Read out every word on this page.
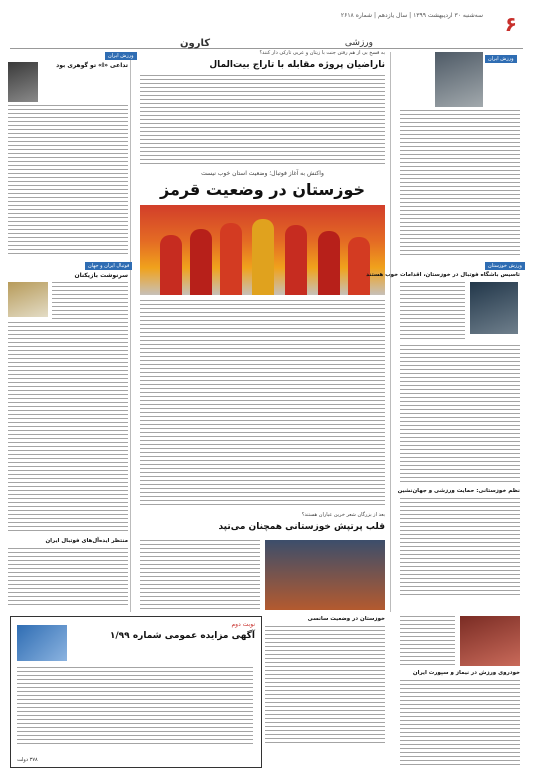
۶
سه‌شنبه ۳۰ اردیبهشت ۱۳۹۹ | سال یازدهم | شماره ۲۶۱۸
ورزشی
کارون
ورزش ایران
به فسخ بی از هم رفتن جنت با زیتان و عربی تارکی دار کنند؟
ناراضیان پروژه مقابله با تاراج بیت‌المال
ورزش ایران
تداعی «ا» تو گوهری بود
واکنش به آغاز فوتبال؛ وضعیت استان خوب نیست
خوزستان در وضعیت قرمز
ورزش خوزستان
تاسیس باشگاه فوتبال در خوزستان، اقدامات خوب هستند
نظم خوزستانی: حمایت ورزشی و جهان‌نشین
فوتبال ایران و جهان
سرنوشت بازیکنان
بعد از بزرگان شعر خرین عیاران هستند؟
قلب پرتپش خوزستانی همچنان می‌تپد
منتظر ایده‌آل‌های فوتبال ایران
خوزستان در وضعیت سانسی
خودروی ورزش در نیماز و سپورت ایران
نوبت دوم
آگهی مزایده عمومی شماره ۱/۹۹
۳۷۸ دولت
